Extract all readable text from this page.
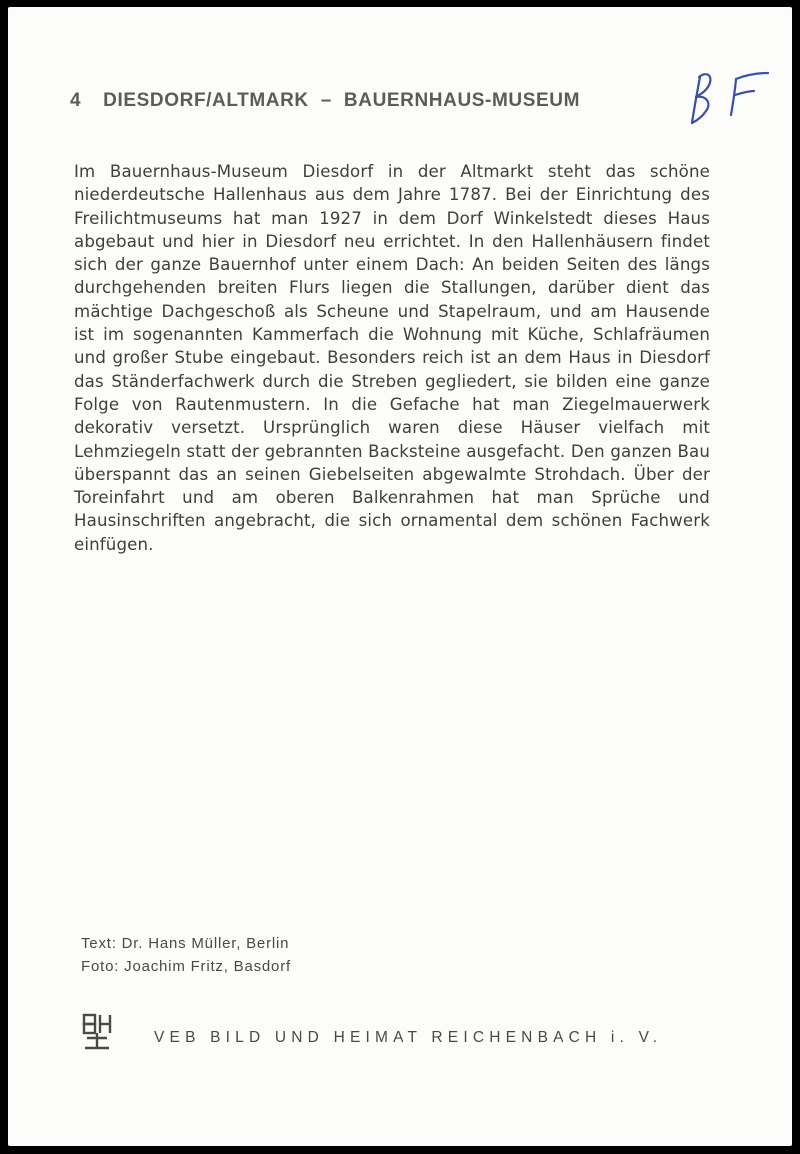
4 DIESDORF/ALTMARK – BAUERNHAUS-MUSEUM

Im Bauernhaus-Museum Diesdorf in der Altmarkt steht das schöne niederdeutsche Hallenhaus aus dem Jahre 1787. Bei der Einrichtung des Freilichtmuseums hat man 1927 in dem Dorf Winkelstedt dieses Haus abgebaut und hier in Diesdorf neu errichtet. In den Hallenhäusern findet sich der ganze Bauernhof unter einem Dach: An beiden Seiten des längs durchgehenden breiten Flurs liegen die Stallungen, darüber dient das mächtige Dachgeschoß als Scheune und Stapelraum, und am Hausende ist im sogenannten Kammerfach die Wohnung mit Küche, Schlafräumen und großer Stube eingebaut. Besonders reich ist an dem Haus in Diesdorf das Ständerfachwerk durch die Streben gegliedert, sie bilden eine ganze Folge von Rautenmustern. In die Gefache hat man Ziegelmauerwerk dekorativ versetzt. Ursprünglich waren diese Häuser vielfach mit Lehmziegeln statt der gebrannten Backsteine ausgefacht. Den ganzen Bau überspannt das an seinen Giebelseiten abgewalmte Strohdach. Über der Toreinfahrt und am oberen Balkenrahmen hat man Sprüche und Hausinschriften angebracht, die sich ornamental dem schönen Fachwerk einfügen.

Text: Dr. Hans Müller, Berlin
Foto: Joachim Fritz, Basdorf
VEB BILD UND HEIMAT REICHENBACH i. V.
